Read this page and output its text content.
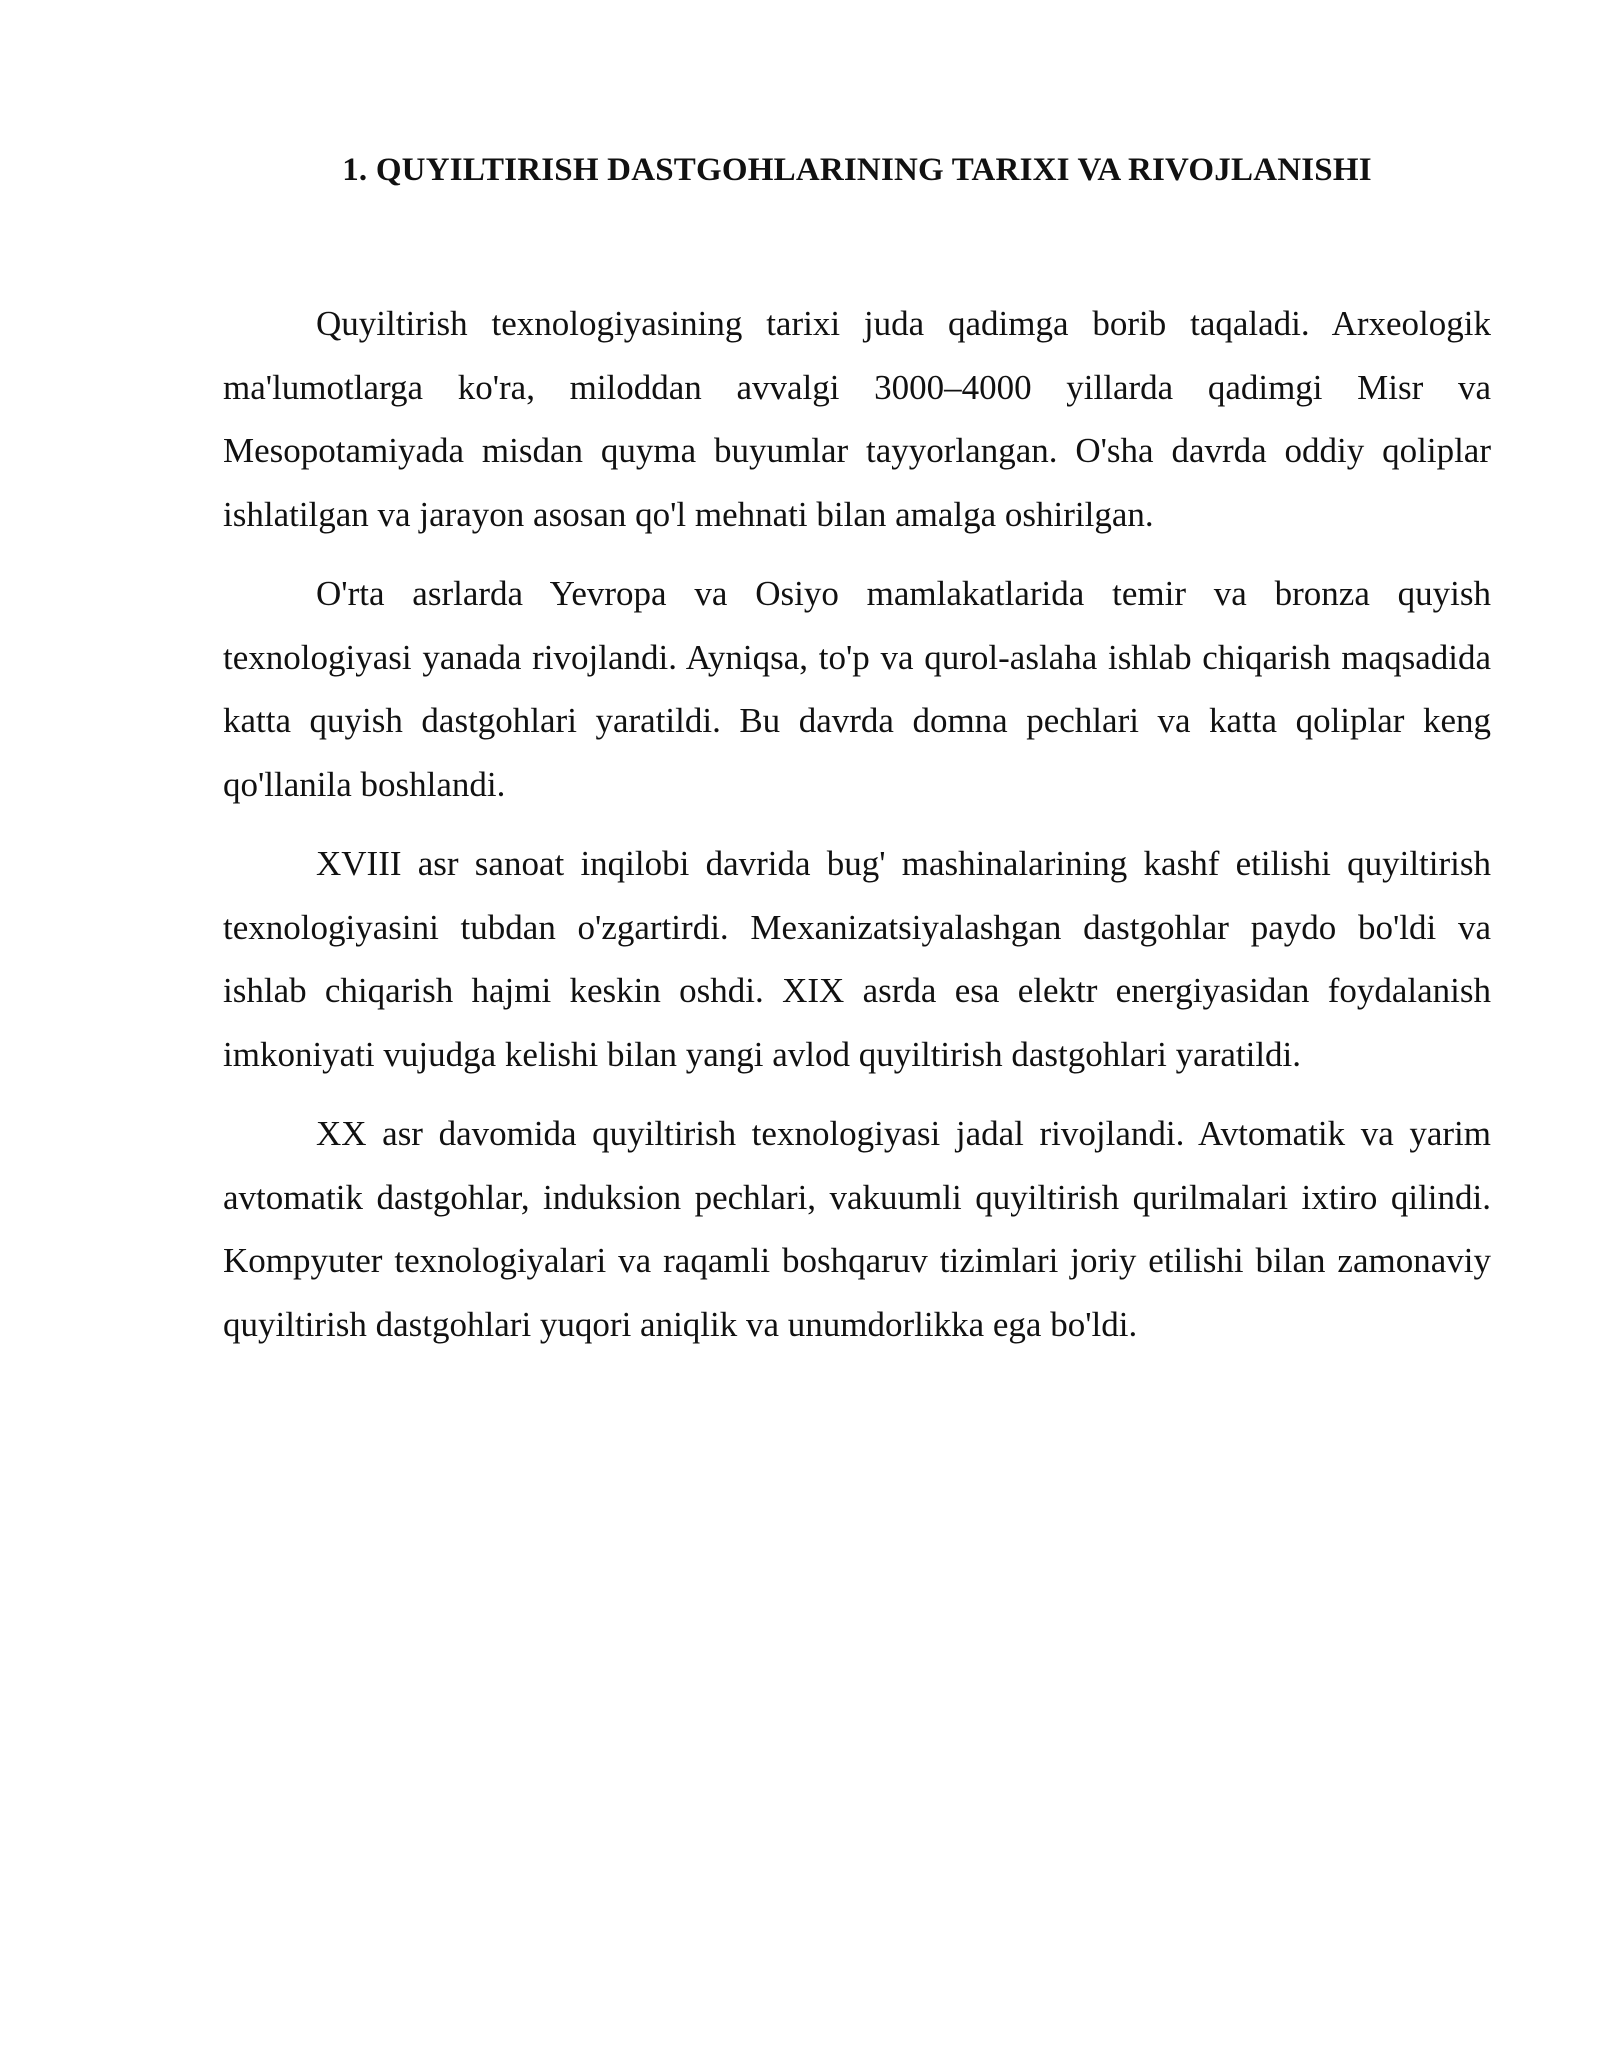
1. QUYILTIRISH DASTGOHLARINING TARIXI VA RIVOJLANISHI

Quyiltirish texnologiyasining tarixi juda qadimga borib taqaladi. Arxeologik ma'lumotlarga ko'ra, miloddan avvalgi 3000–4000 yillarda qadimgi Misr va Mesopotamiyada misdan quyma buyumlar tayyorlangan. O'sha davrda oddiy qoliplar ishlatilgan va jarayon asosan qo'l mehnati bilan amalga oshirilgan.

O'rta asrlarda Yevropa va Osiyo mamlakatlarida temir va bronza quyish texnologiyasi yanada rivojlandi. Ayniqsa, to'p va qurol-aslaha ishlab chiqarish maqsadida katta quyish dastgohlari yaratildi. Bu davrda domna pechlari va katta qoliplar keng qo'llanila boshlandi.

XVIII asr sanoat inqilobi davrida bug' mashinalarining kashf etilishi quyiltirish texnologiyasini tubdan o'zgartirdi. Mexanizatsiyalashgan dastgohlar paydo bo'ldi va ishlab chiqarish hajmi keskin oshdi. XIX asrda esa elektr energiyasidan foydalanish imkoniyati vujudga kelishi bilan yangi avlod quyiltirish dastgohlari yaratildi.

XX asr davomida quyiltirish texnologiyasi jadal rivojlandi. Avtomatik va yarim avtomatik dastgohlar, induksion pechlari, vakuumli quyiltirish qurilmalari ixtiro qilindi. Kompyuter texnologiyalari va raqamli boshqaruv tizimlari joriy etilishi bilan zamonaviy quyiltirish dastgohlari yuqori aniqlik va unumdorlikka ega bo'ldi.
